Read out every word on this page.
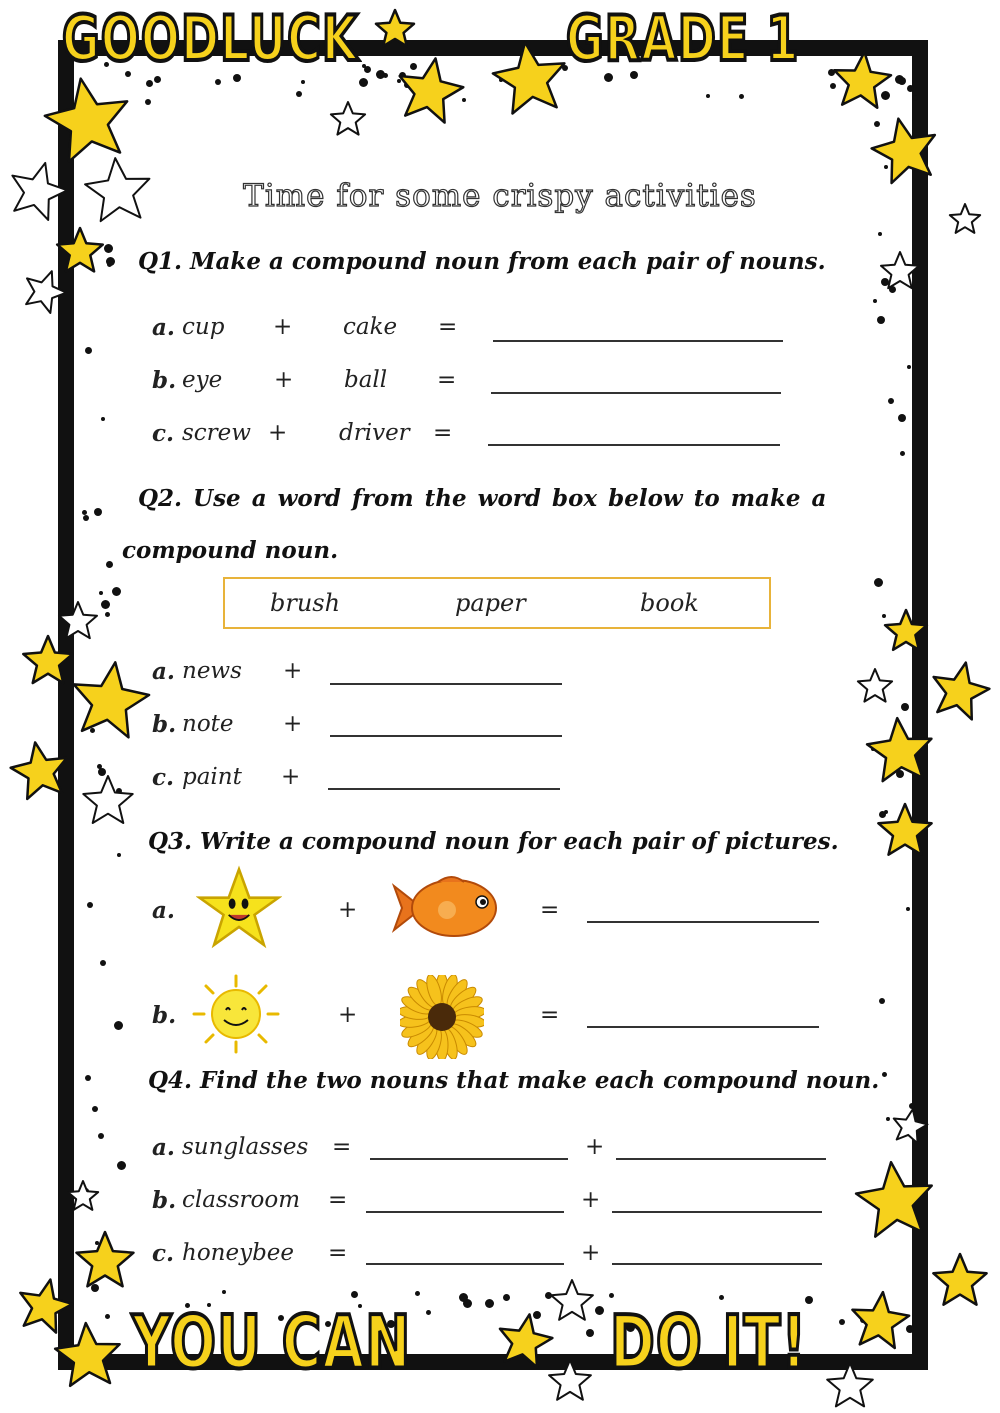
GOODLUCK	GRADE 1
YOU CAN	DO IT!
Time for some crispy activities
Q1. Make a compound noun from each pair of nouns.
a. cup + cake =
b. eye + ball =
c. screw + driver =
Q2. Use a word from the word box below to make a
compound noun.
brush	paper	book
a. news +
b. note +
c. paint +
Q3. Write a compound noun for each pair of pictures.
a.	+	=
b.	+	=
Q4. Find the two nouns that make each compound noun.
a. sunglasses =	+
b. classroom =	+
c. honeybee =	+
